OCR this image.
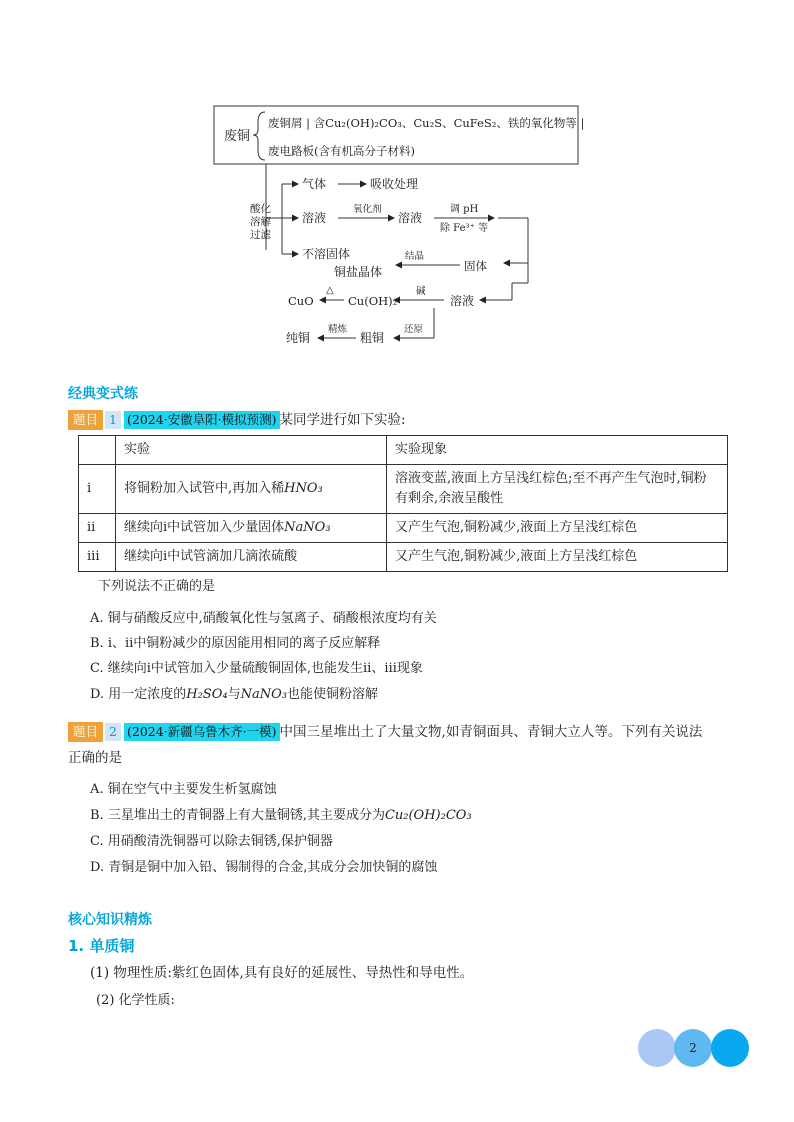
废铜
废铜屑 | 含Cu₂(OH)₂CO₃、Cu₂S、CuFeS₂、铁的氧化物等 |
废电路板(含有机高分子材料)
酸化
溶解
过滤
气体	吸收处理
溶液
氧化剂
溶液
调 pH
除 Fe³⁺ 等
不溶固体
固体
结晶
铜盐晶体
溶液
碱
Cu(OH)₂
△
CuO
还原
粗铜
精炼
纯铜
经典变式练
题目 1 (2024·安徽阜阳·模拟预测) 某同学进行如下实验:
	实验	实验现象
i	将铜粉加入试管中,再加入稀HNO₃	溶液变蓝,液面上方呈浅红棕色;至不再产生气泡时,铜粉有剩余,余液呈酸性
ii	继续向ⅰ中试管加入少量固体NaNO₃	又产生气泡,铜粉减少,液面上方呈浅红棕色
iii	继续向ⅰ中试管滴加几滴浓硫酸	又产生气泡,铜粉减少,液面上方呈浅红棕色
下列说法不正确的是
A. 铜与硝酸反应中,硝酸氧化性与氢离子、硝酸根浓度均有关
B. ⅰ、ⅱ中铜粉减少的原因能用相同的离子反应解释
C. 继续向ⅰ中试管加入少量硫酸铜固体,也能发生ⅱ、ⅲ现象
D. 用一定浓度的H₂SO₄与NaNO₃也能使铜粉溶解
题目 2 (2024·新疆乌鲁木齐·一模) 中国三星堆出土了大量文物,如青铜面具、青铜大立人等。下列有关说法
正确的是
A. 铜在空气中主要发生析氢腐蚀
B. 三星堆出土的青铜器上有大量铜锈,其主要成分为Cu₂(OH)₂CO₃
C. 用硝酸清洗铜器可以除去铜锈,保护铜器
D. 青铜是铜中加入铅、锡制得的合金,其成分会加快铜的腐蚀
核心知识精炼
1. 单质铜
(1) 物理性质:紫红色固体,具有良好的延展性、导热性和导电性。
(2) 化学性质:
2
